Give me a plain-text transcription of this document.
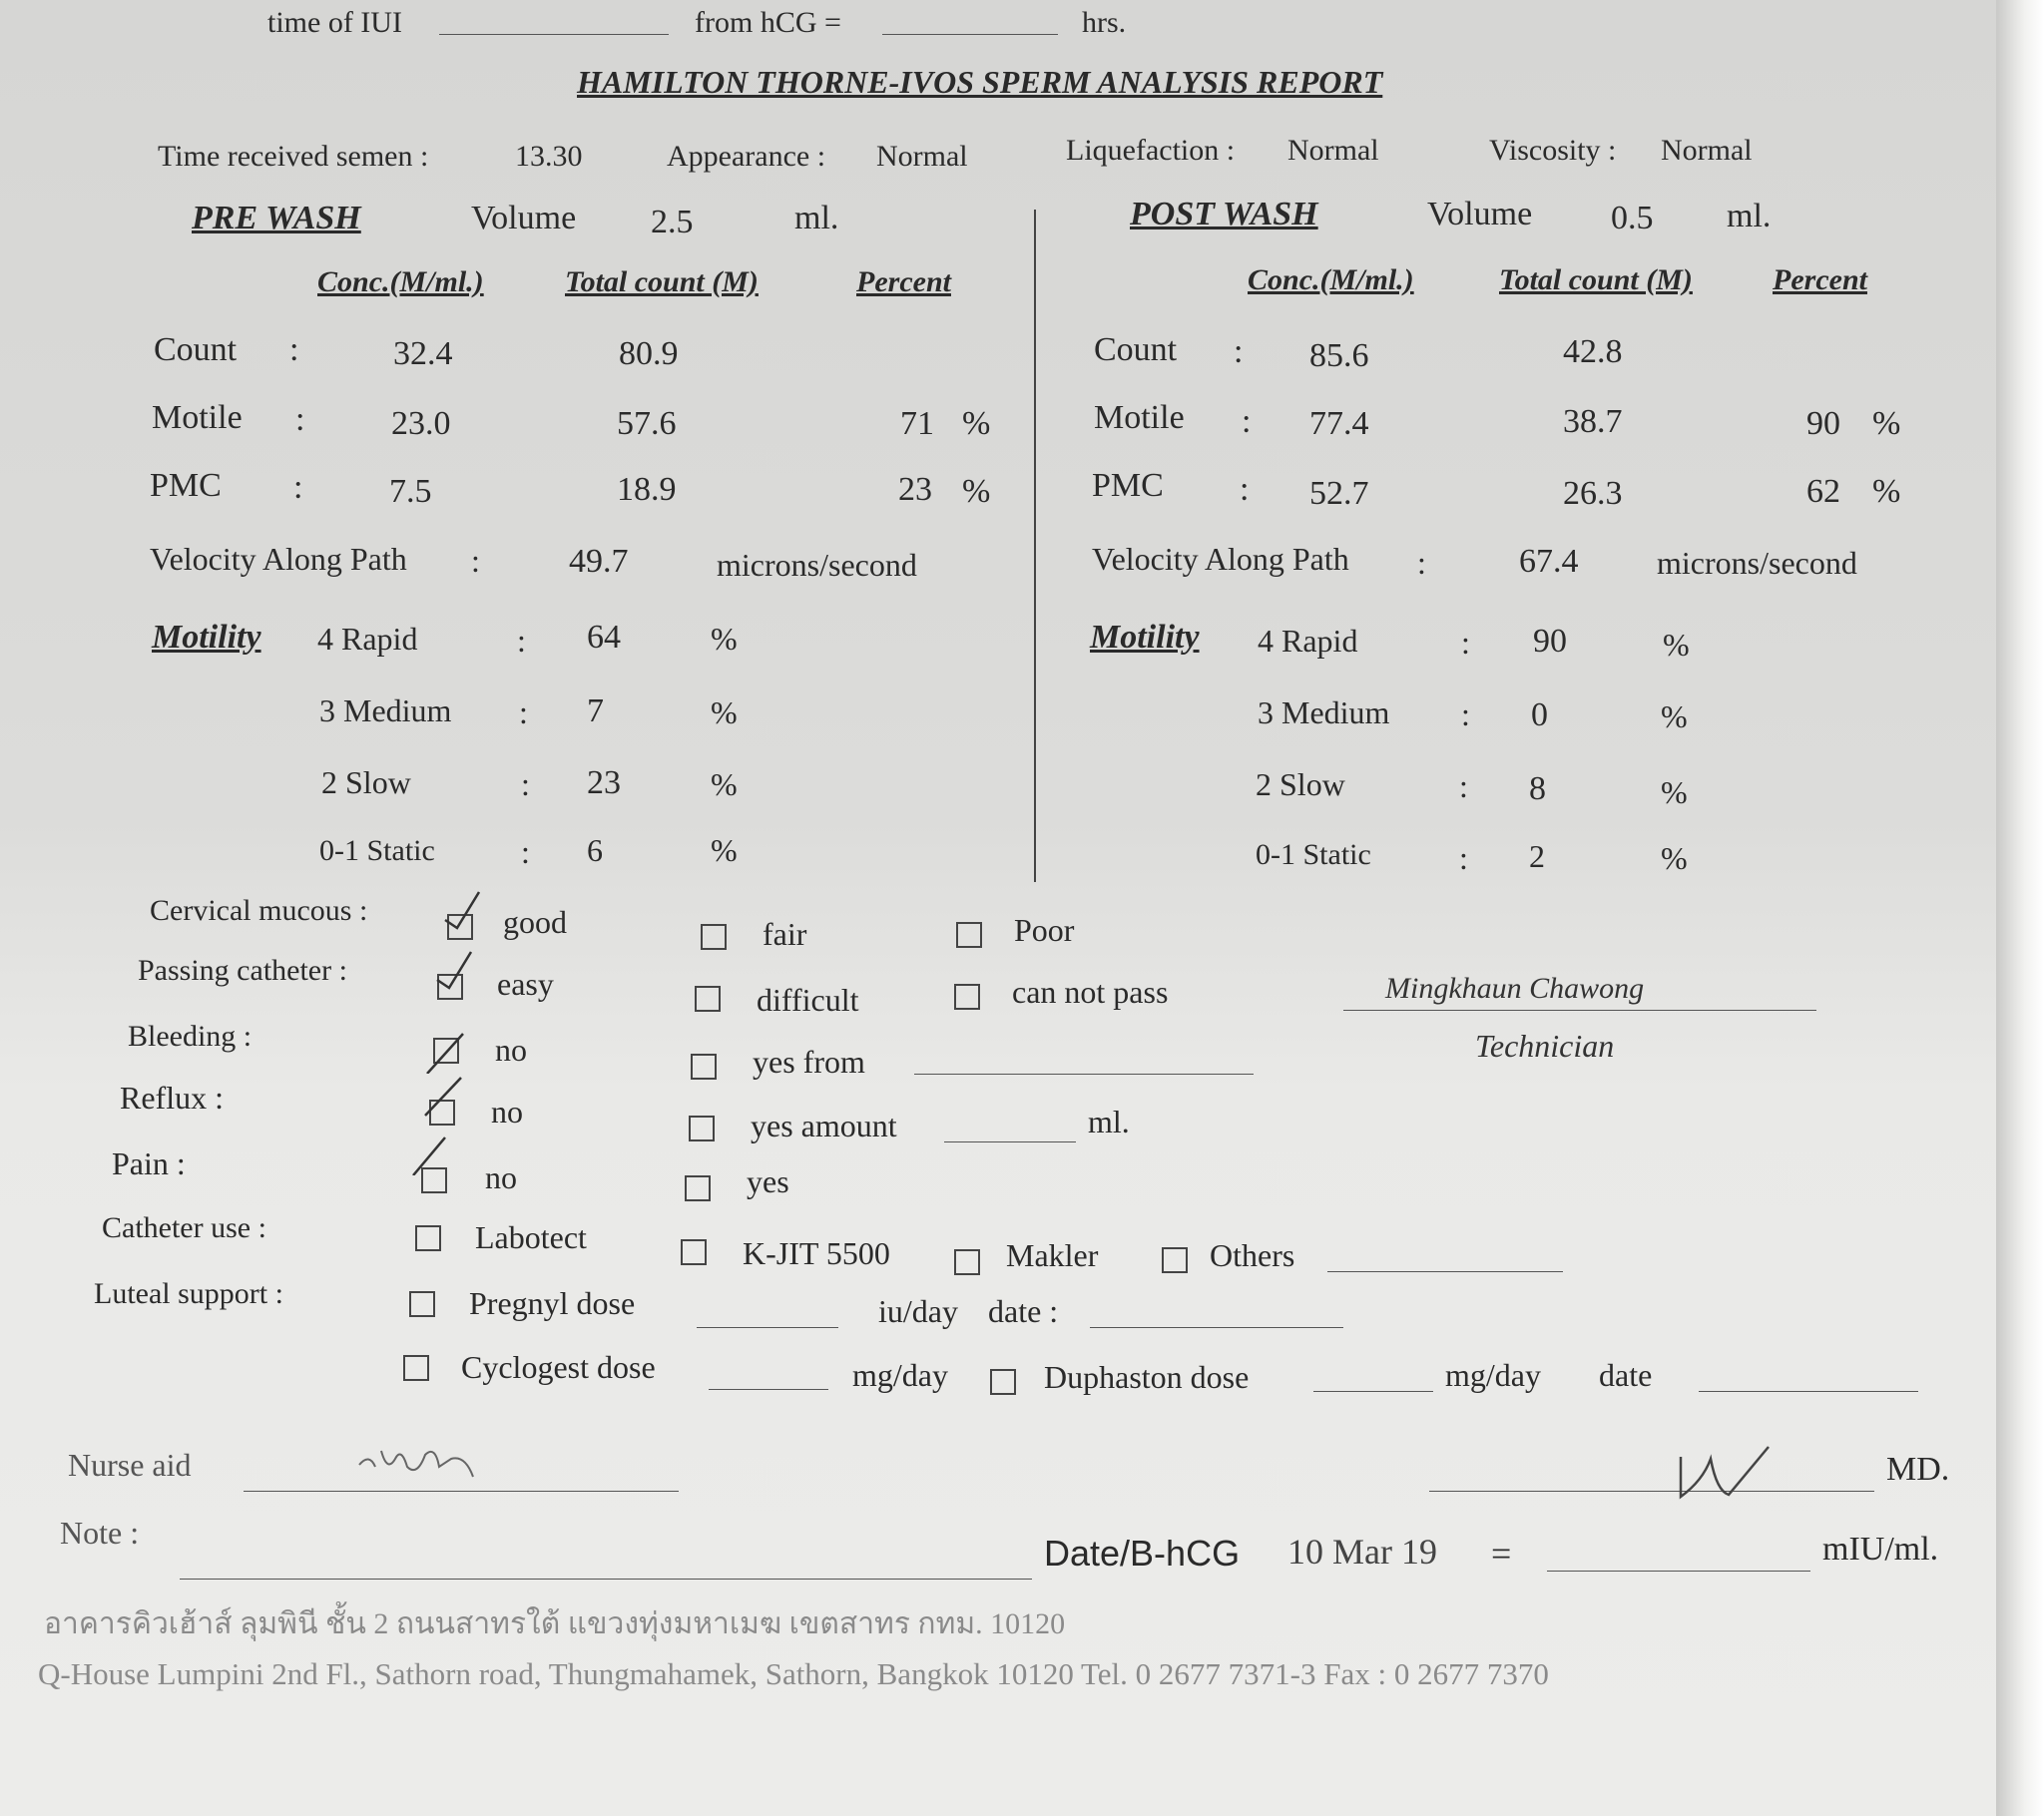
time of IUI	from hCG =	hrs.
HAMILTON THORNE-IVOS SPERM ANALYSIS REPORT
Time received semen :	13.30	Appearance : Normal	Liquefaction : Normal	Viscosity : Normal
PRE WASH	Volume 2.5	ml.
Conc.(M/ml.)	Total count (M)	Percent
Count :	32.4	80.9
Motile :	23.0	57.6	71 %
PMC :	7.5	18.9	23 %
Velocity Along Path :	49.7	microns/second
Motility 4 Rapid	: 64	%
3 Medium : 7	%
2 Slow	: 23	%
0-1 Static	: 6	%
POST WASH	Volume 0.5 ml.
Conc.(M/ml.)	Total count (M)	Percent
Count : 85.6	42.8
Motile : 77.4	38.7	90 %
PMC : 52.7	26.3	62 %
Velocity Along Path :	67.4 microns/second
Motility 4 Rapid	: 90	%
3 Medium : 0	%
2 Slow	: 8	%
0-1 Static	: 2	%
Cervical mucous :	good	fair	Poor
Passing catheter :	easy	difficult	can not pass	Mingkhaun Chawong
Technician
Bleeding :	no	yes from
Reflux :	no	yes amount	ml.
Pain :	no	yes
Catheter use :	Labotect	K-JIT 5500	Makler	Others
Luteal support :	Pregnyl dose	iu/day date :
Cyclogest dose	mg/day	Duphaston dose	mg/day date
Nurse aid	MD.
Note :	Date/B-hCG 10 Mar 19 =	mIU/ml.
อาคารคิวเฮ้าส์ ลุมพินี ชั้น 2 ถนนสาทรใต้ แขวงทุ่งมหาเมฆ เขตสาทร กทม. 10120
Q-House Lumpini 2nd Fl., Sathorn road, Thungmahamek, Sathorn, Bangkok 10120 Tel. 0 2677 7371-3 Fax : 0 2677 7370
